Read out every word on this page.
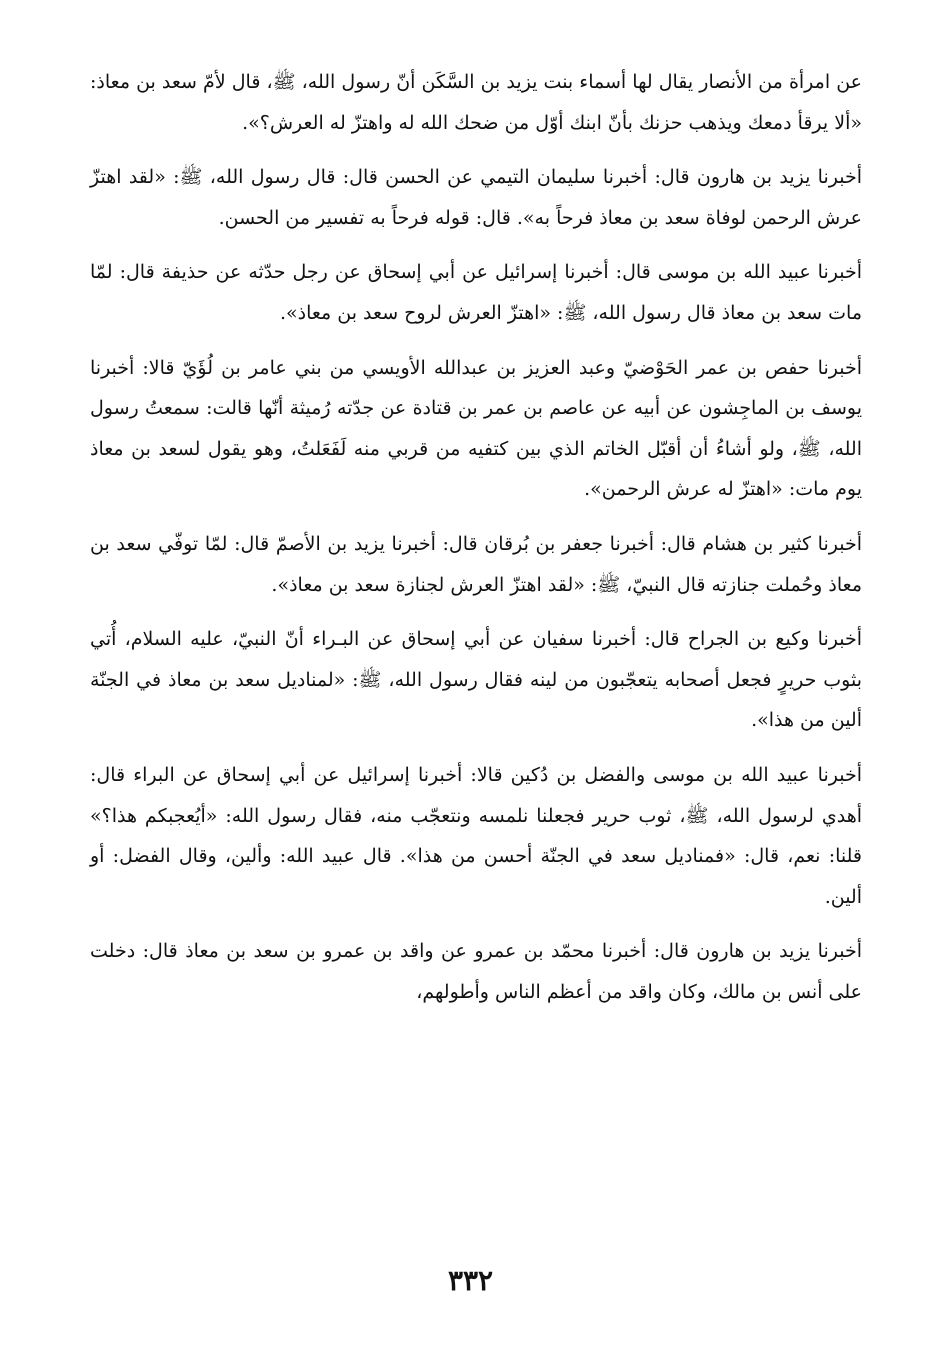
عن امرأة من الأنصار يقال لها أسماء بنت يزيد بن السَّكَن أنّ رسول الله، ﷺ، قال لأمّ سعد بن معاذ: «ألا يرقأ دمعك ويذهب حزنك بأنّ ابنك أوّل من ضحك الله له واهتزّ له العرش؟».

أخبرنا يزيد بن هارون قال: أخبرنا سليمان التيمي عن الحسن قال: قال رسول الله، ﷺ: «لقد اهتزّ عرش الرحمن لوفاة سعد بن معاذ فرحاً به». قال: قوله فرحاً به تفسير من الحسن.

أخبرنا عبيد الله بن موسى قال: أخبرنا إسرائيل عن أبي إسحاق عن رجل حدّثه عن حذيفة قال: لمّا مات سعد بن معاذ قال رسول الله، ﷺ: «اهتزّ العرش لروح سعد بن معاذ».

أخبرنا حفص بن عمر الحَوْضيّ وعبد العزيز بن عبدالله الأويسي من بني عامر بن لُؤَيّ قالا: أخبرنا يوسف بن الماجِشون عن أبيه عن عاصم بن عمر بن قتادة عن جدّته رُميثة أنّها قالت: سمعتُ رسول الله، ﷺ، ولو أشاءُ أن أقبّل الخاتم الذي بين كتفيه من قربي منه لَفَعَلتُ، وهو يقول لسعد بن معاذ يوم مات: «اهتزّ له عرش الرحمن».

أخبرنا كثير بن هشام قال: أخبرنا جعفر بن بُرقان قال: أخبرنا يزيد بن الأصمّ قال: لمّا توفّي سعد بن معاذ وحُملت جنازته قال النبيّ، ﷺ: «لقد اهتزّ العرش لجنازة سعد بن معاذ».

أخبرنا وكيع بن الجراح قال: أخبرنا سفيان عن أبي إسحاق عن البـراء أنّ النبيّ، عليه السلام، أُتي بثوب حريرٍ فجعل أصحابه يتعجّبون من لينه فقال رسول الله، ﷺ: «لمناديل سعد بن معاذ في الجنّة ألين من هذا».

أخبرنا عبيد الله بن موسى والفضل بن دُكين قالا: أخبرنا إسرائيل عن أبي إسحاق عن البراء قال: أهدي لرسول الله، ﷺ، ثوب حرير فجعلنا نلمسه ونتعجّب منه، فقال رسول الله: «أيُعجبكم هذا؟» قلنا: نعم، قال: «فمناديل سعد في الجنّة أحسن من هذا». قال عبيد الله: وألين، وقال الفضل: أو ألين.

أخبرنا يزيد بن هارون قال: أخبرنا محمّد بن عمرو عن واقد بن عمرو بن سعد بن معاذ قال: دخلت على أنس بن مالك، وكان واقد من أعظم الناس وأطولهم،

٣٣٢
